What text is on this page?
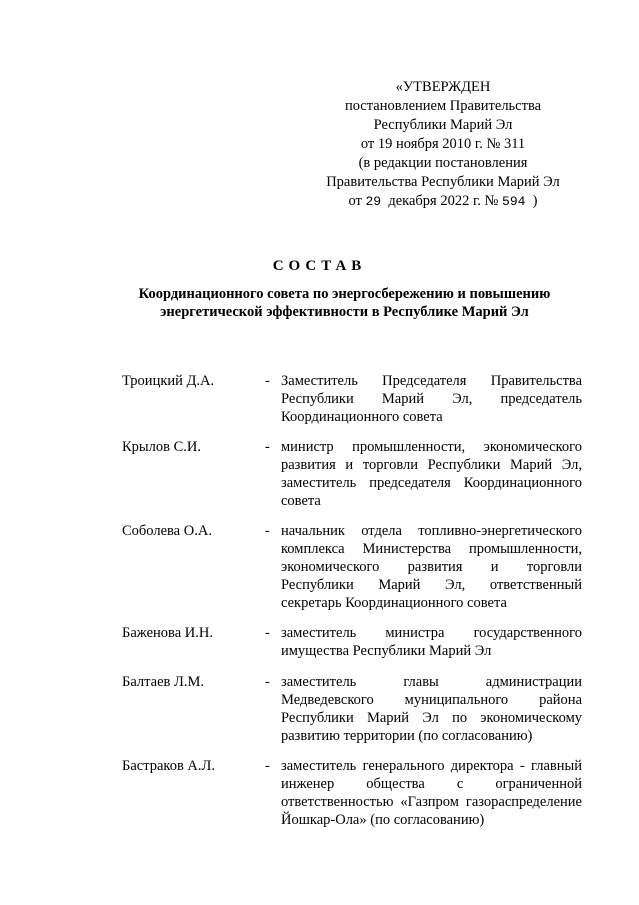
«УТВЕРЖДЕН
постановлением Правительства
Республики Марий Эл
от 19 ноября 2010 г. № 311
(в редакции постановления
Правительства Республики Марий Эл
от 29 декабря 2022 г. № 594 )
СОСТАВ
Координационного совета по энергосбережению и повышению энергетической эффективности в Республике Марий Эл
Троицкий Д.А.	- Заместитель Председателя Правительства Республики Марий Эл, председатель Координационного совета
Крылов С.И.	- министр промышленности, экономического развития и торговли Республики Марий Эл, заместитель председателя Координационного совета
Соболева О.А.	- начальник отдела топливно-энергетического комплекса Министерства промышленности, экономического развития и торговли Республики Марий Эл, ответственный секретарь Координационного совета
Баженова И.Н.	- заместитель министра государственного имущества Республики Марий Эл
Балтаев Л.М.	- заместитель главы администрации Медведевского муниципального района Республики Марий Эл по экономическому развитию территории (по согласованию)
Бастраков А.Л.	- заместитель генерального директора - главный инженер общества с ограниченной ответственностью «Газпром газораспределение Йошкар-Ола» (по согласованию)
